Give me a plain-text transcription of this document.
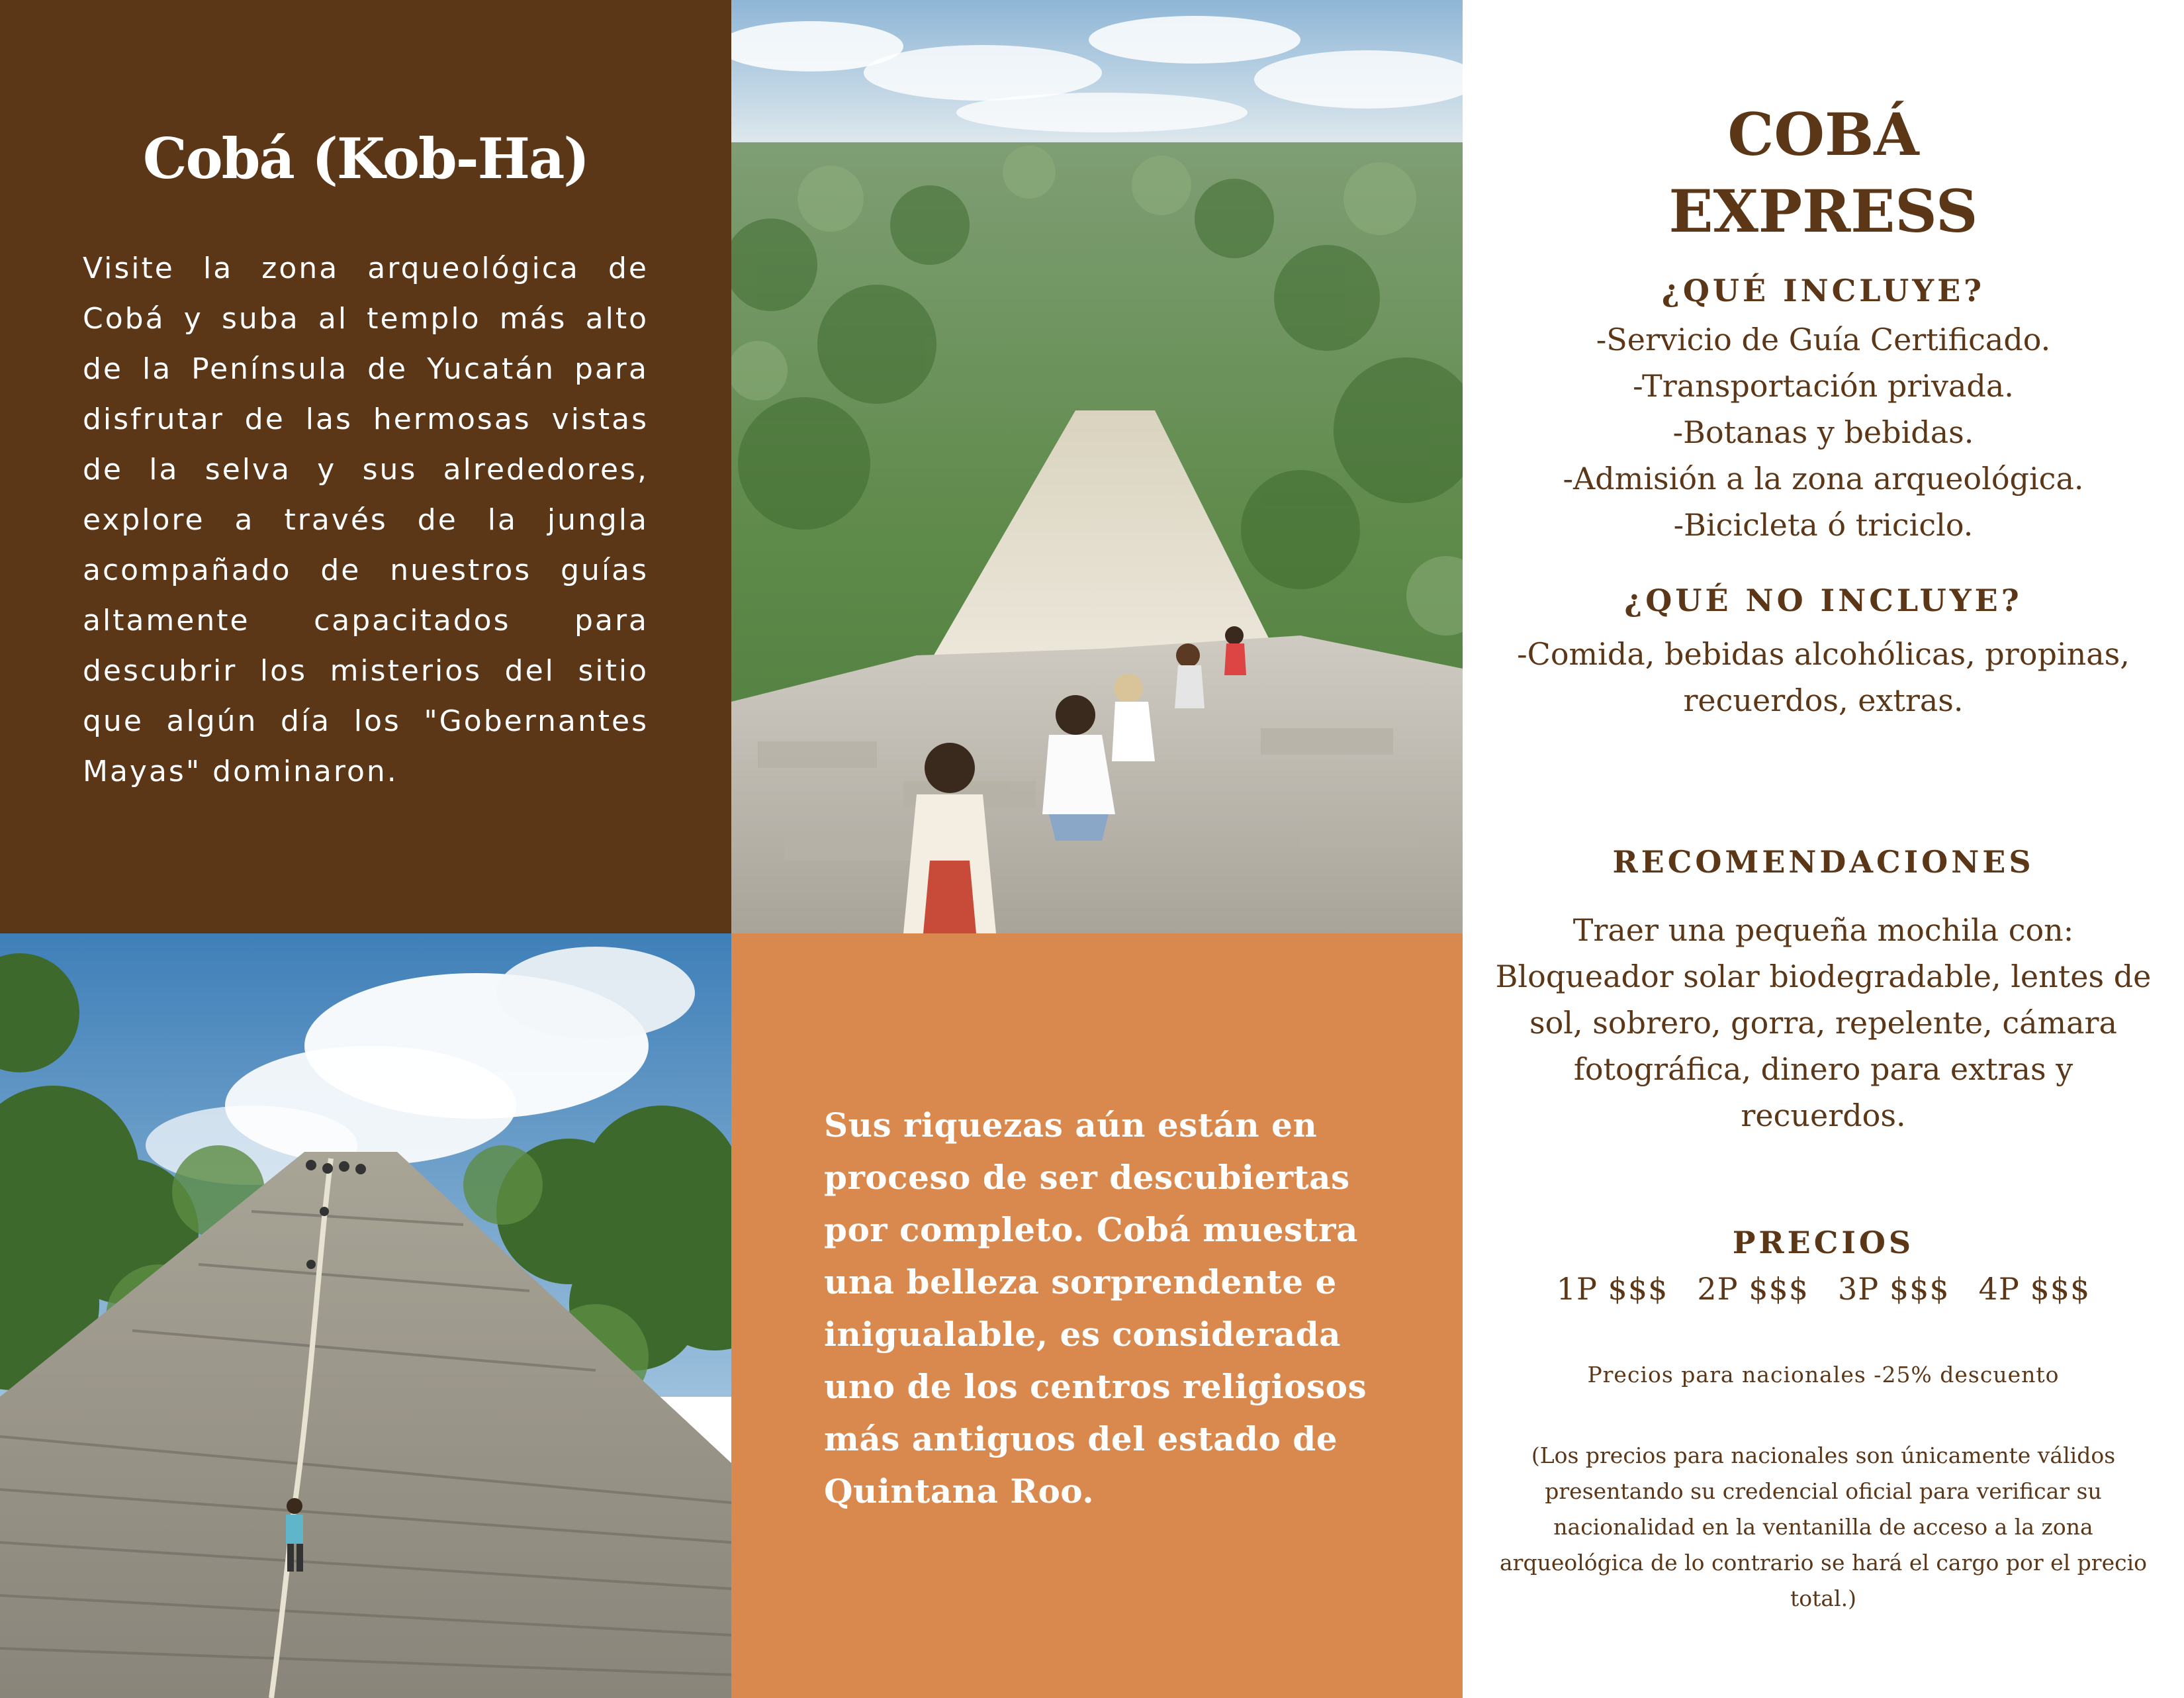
Cobá (Kob-Ha)

Visite la zona arqueológica de Cobá y suba al templo más alto de la Península de Yucatán para disfrutar de las hermosas vistas de la selva y sus alrededores, explore a través de la jungla acompañado de nuestros guías altamente capacitados para descubrir los misterios del sitio que algún día los "Gobernantes Mayas" dominaron.

Sus riquezas aún están en proceso de ser descubiertas por completo. Cobá muestra una belleza sorprendente e inigualable, es considerada uno de los centros religiosos más antiguos del estado de Quintana Roo.

COBÁ
EXPRESS
¿QUÉ INCLUYE?
-Servicio de Guía Certificado.
-Transportación privada.
-Botanas y bebidas.
-Admisión a la zona arqueológica.
-Bicicleta ó triciclo.
¿QUÉ NO INCLUYE?
-Comida, bebidas alcohólicas, propinas,
recuerdos, extras.
RECOMENDACIONES
Traer una pequeña mochila con:
Bloqueador solar biodegradable, lentes de
sol, sobrero, gorra, repelente, cámara
fotográfica, dinero para extras y
recuerdos.
PRECIOS
1P $$$ 2P $$$ 3P $$$ 4P $$$
Precios para nacionales -25% descuento
(Los precios para nacionales son únicamente válidos
presentando su credencial oficial para verificar su
nacionalidad en la ventanilla de acceso a la zona
arqueológica de lo contrario se hará el cargo por el precio
total.)
